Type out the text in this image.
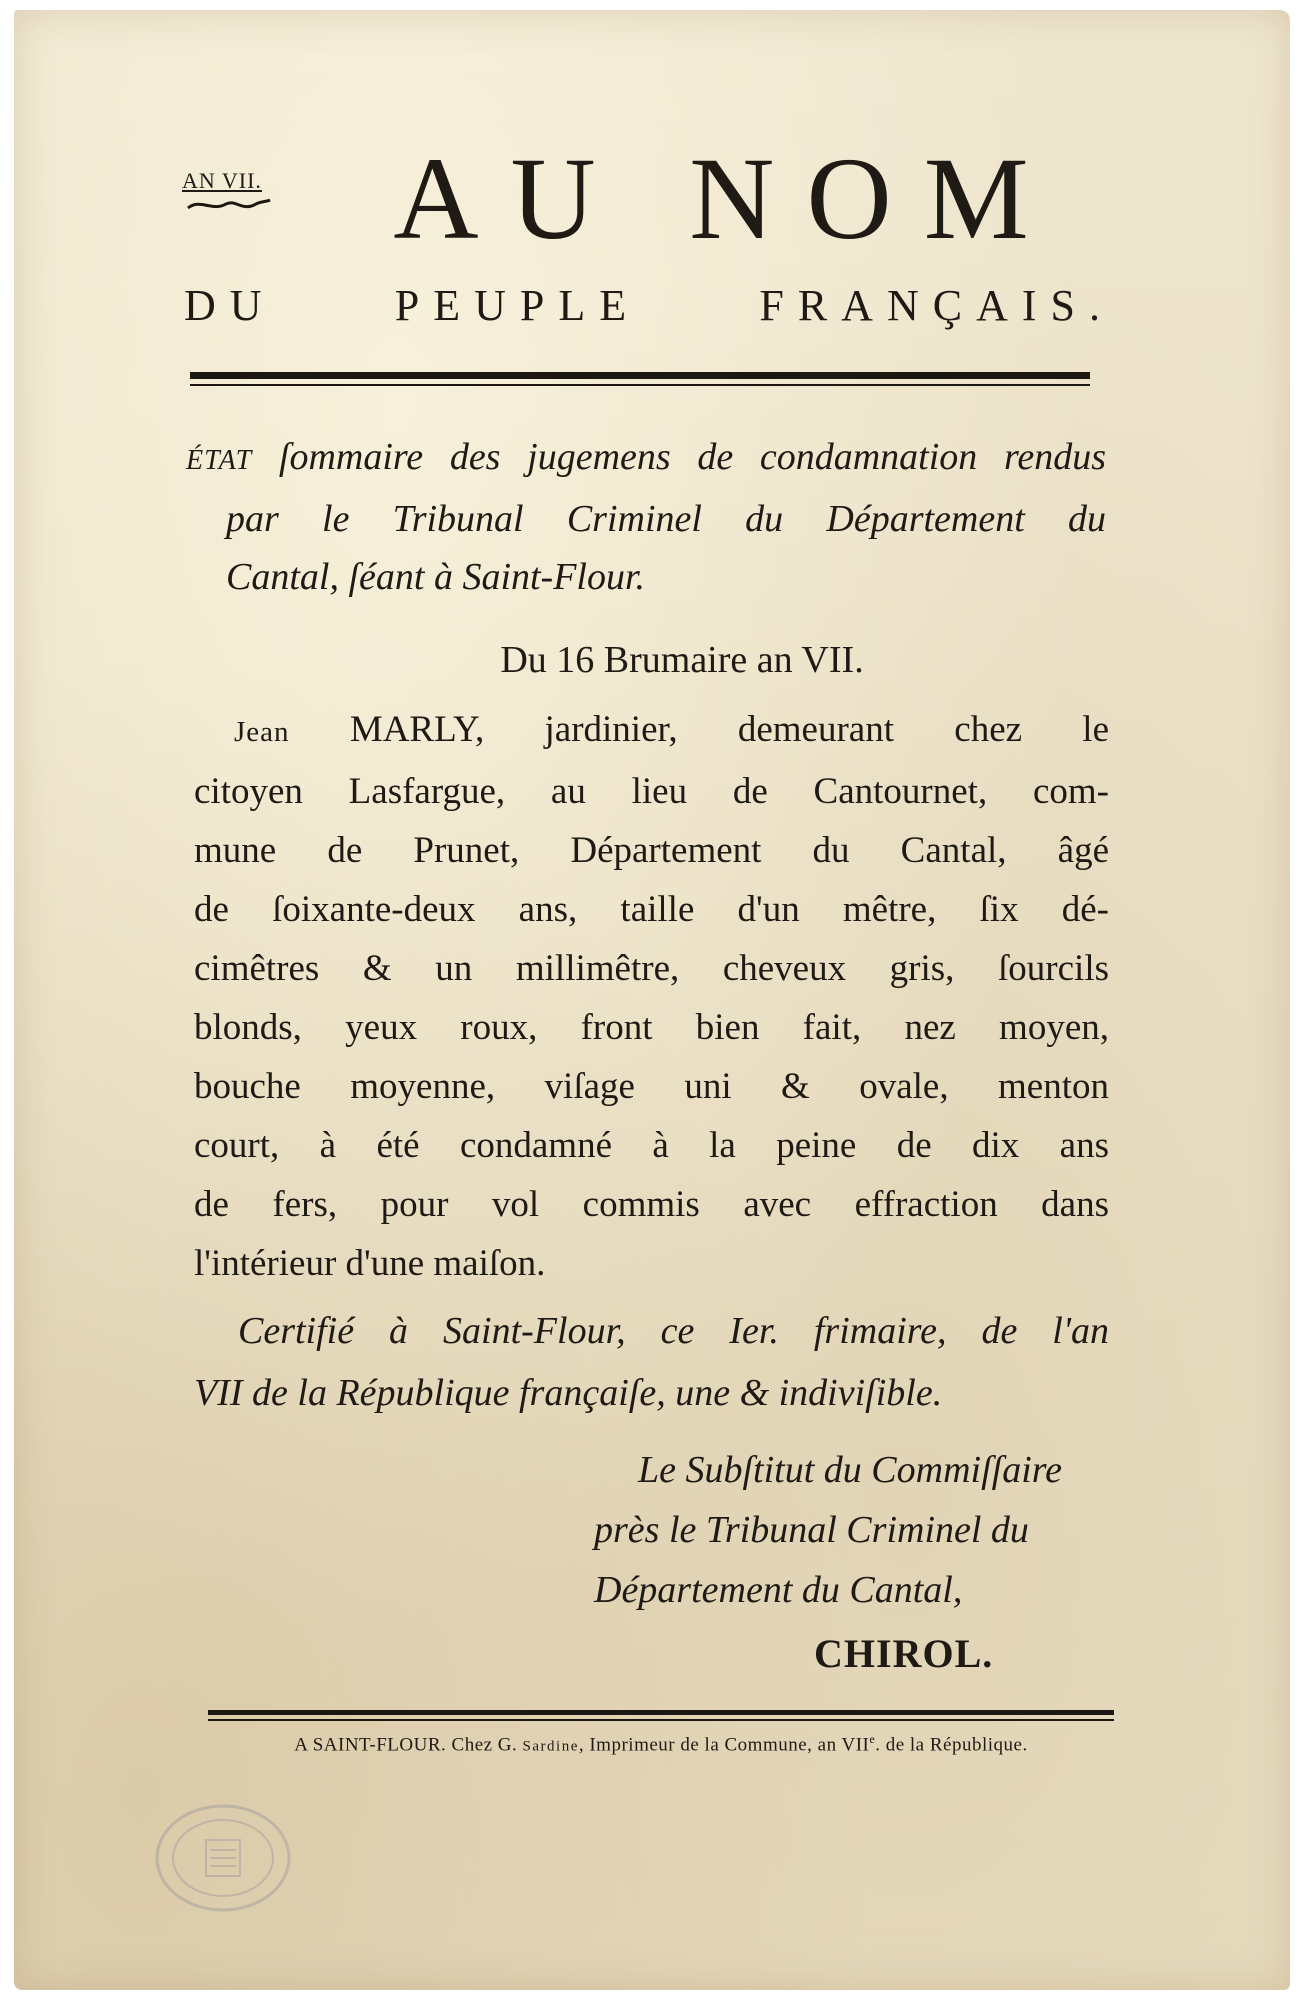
AN VII.	AU NOM
DU	PEUPLE	FRANÇAIS.
ÉTAT ſommaire des jugemens de condamnation rendus
par le Tribunal Criminel du Département du
Cantal, ſéant à Saint-Flour.
Du 16 Brumaire an VII.
Jean MARLY, jardinier, demeurant chez le
citoyen Lasfargue, au lieu de Cantournet, com-
mune de Prunet, Département du Cantal, âgé
de ſoixante-deux ans, taille d'un mêtre, ſix dé-
cimêtres & un millimêtre, cheveux gris, ſourcils
blonds, yeux roux, front bien fait, nez moyen,
bouche moyenne, viſage uni & ovale, menton
court, à été condamné à la peine de dix ans
de fers, pour vol commis avec effraction dans
l'intérieur d'une maiſon.
Certifié à Saint-Flour, ce Ier. frimaire, de l'an
VII de la République françaiſe, une & indiviſible.
Le Subſtitut du Commiſſaire
près le Tribunal Criminel du
Département du Cantal,
CHIROL.
A SAINT-FLOUR. Chez G. Sardine, Imprimeur de la Commune, an VIIe. de la République.
